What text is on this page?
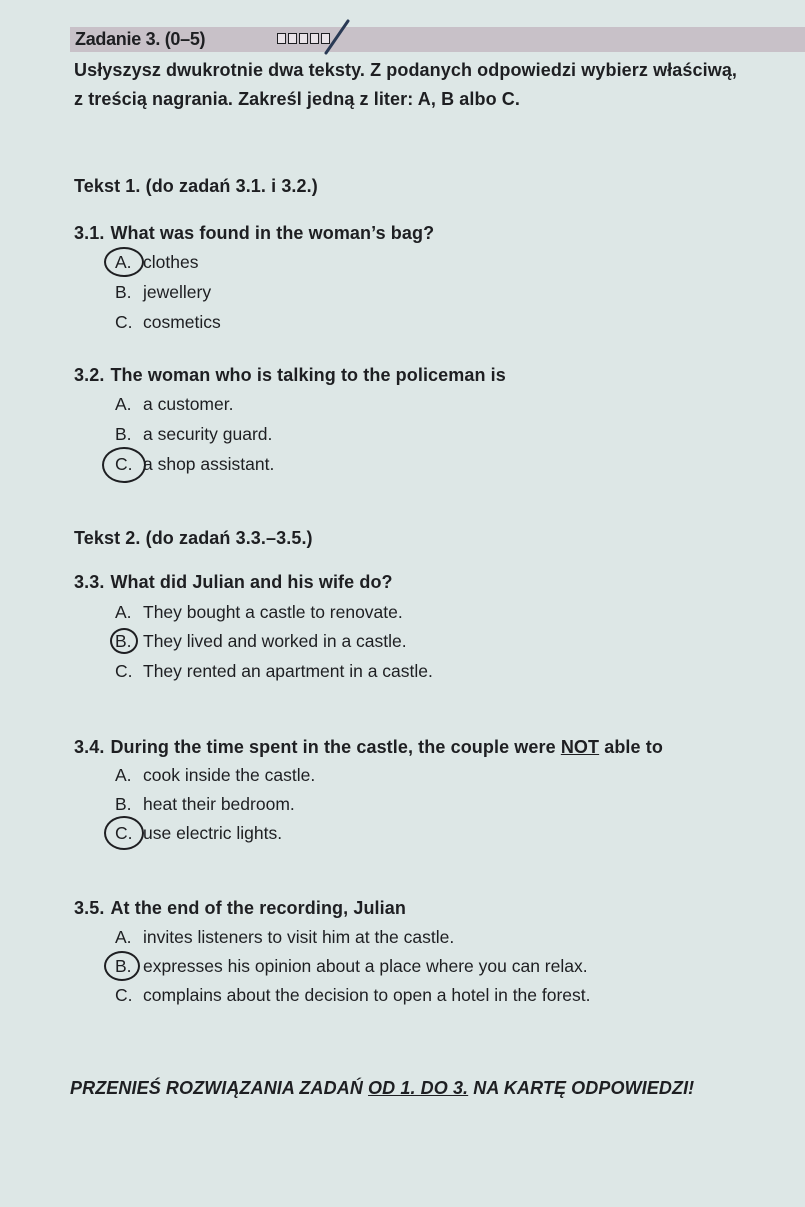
Zadanie 3. (0–5)
Usłyszysz dwukrotnie dwa teksty. Z podanych odpowiedzi wybierz właściwą,
z treścią nagrania. Zakreśl jedną z liter: A, B albo C.
Tekst 1. (do zadań 3.1. i 3.2.)
3.1. What was found in the woman’s bag?
A. clothes
B. jewellery
C. cosmetics
3.2. The woman who is talking to the policeman is
A. a customer.
B. a security guard.
C. a shop assistant.
Tekst 2. (do zadań 3.3.–3.5.)
3.3. What did Julian and his wife do?
A. They bought a castle to renovate.
B. They lived and worked in a castle.
C. They rented an apartment in a castle.
3.4. During the time spent in the castle, the couple were NOT able to
A. cook inside the castle.
B. heat their bedroom.
C. use electric lights.
3.5. At the end of the recording, Julian
A. invites listeners to visit him at the castle.
B. expresses his opinion about a place where you can relax.
C. complains about the decision to open a hotel in the forest.
PRZENIEŚ ROZWIĄZANIA ZADAŃ OD 1. DO 3. NA KARTĘ ODPOWIEDZI!
